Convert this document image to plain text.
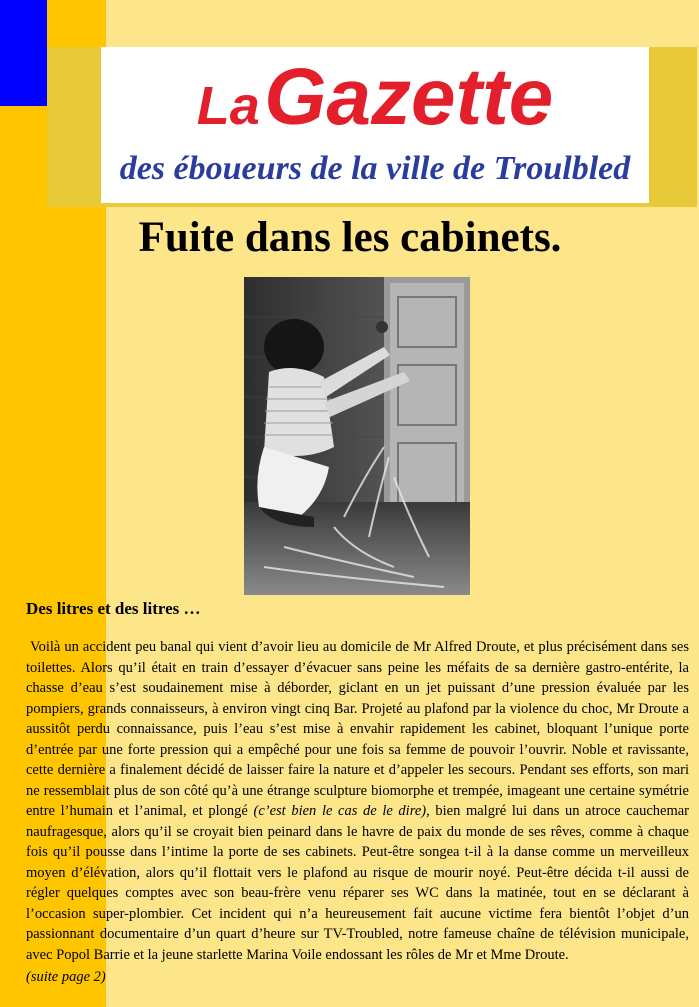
La Gazette
des éboueurs de la ville de Troulbled
Fuite dans les cabinets.
Des litres et des litres …

Voilà un accident peu banal qui vient d’avoir lieu au domicile de Mr Alfred Droute, et plus précisément dans ses toilettes. Alors qu’il était en train d’essayer d’évacuer sans peine les méfaits de sa dernière gastro-entérite, la chasse d’eau s’est soudainement mise à déborder, giclant en un jet puissant d’une pression évaluée par les pompiers, grands connaisseurs, à environ vingt cinq Bar. Projeté au plafond par la violence du choc, Mr Droute a aussitôt perdu connaissance, puis l’eau s’est mise à envahir rapidement les cabinet, bloquant l’unique porte d’entrée par une forte pression qui a empêché pour une fois sa femme de pouvoir l’ouvrir. Noble et ravissante, cette dernière a finalement décidé de laisser faire la nature et d’appeler les secours. Pendant ses efforts, son mari ne ressemblait plus de son côté qu’à une étrange sculpture biomorphe et trempée, imageant une certaine symétrie entre l’humain et l’animal, et plongé (c’est bien le cas de le dire), bien malgré lui dans un atroce cauchemar naufragesque, alors qu’il se croyait bien peinard dans le havre de paix du monde de ses rêves, comme à chaque fois qu’il pousse dans l’intime la porte de ses cabinets. Peut-être songea t-il à la danse comme un merveilleux moyen d’élévation, alors qu’il flottait vers le plafond au risque de mourir noyé. Peut-être décida t-il aussi de régler quelques comptes avec son beau-frère venu réparer ses WC dans la matinée, tout en se déclarant à l’occasion super-plombier. Cet incident qui n’a heureusement fait aucune victime fera bientôt l’objet d’un passionnant documentaire d’un quart d’heure sur TV-Troubled, notre fameuse chaîne de télévision municipale, avec Popol Barrie et la jeune starlette Marina Voile endossant les rôles de Mr et Mme Droute.

(suite page 2)
